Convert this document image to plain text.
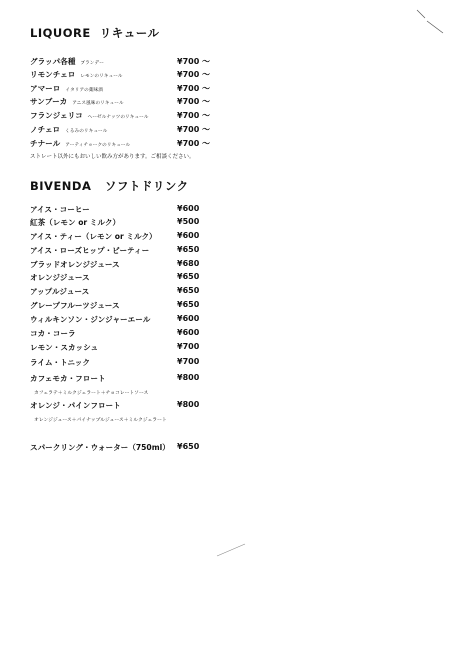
LIQUORE リキュール
グラッパ各種 ブランデー	¥700 ～
リモンチェロ レモンのリキュール	¥700 ～
アマーロ イタリアの薬味酒	¥700 ～
サンブーカ アニス風味のリキュール	¥700 ～
フランジェリコ ヘーゼルナッツのリキュール	¥700 ～
ノチェロ くるみのリキュール	¥700 ～
チナール アーティチョークのリキュール	¥700 ～
ストレート以外にもおいしい飲み方があります。ご相談ください。
BIVENDA ソフトドリンク
アイス・コーヒー	¥600
紅茶（レモン or ミルク）	¥500
アイス・ティー（レモン or ミルク）	¥600
アイス・ローズヒップ・ビーティー	¥650
ブラッドオレンジジュース	¥680
オレンジジュース	¥650
アップルジュース	¥650
グレープフルーツジュース	¥650
ウィルキンソン・ジンジャーエール	¥600
コカ・コーラ	¥600
レモン・スカッシュ	¥700
ライム・トニック	¥700
カフェモカ・フロート	¥800
カフェラテ＋ミルクジェラート＋チョコレートソース
オレンジ・パインフロート	¥800
オレンジジュース＋パイナップルジュース＋ミルクジェラート
スパークリング・ウォーター（750ml） ¥650
